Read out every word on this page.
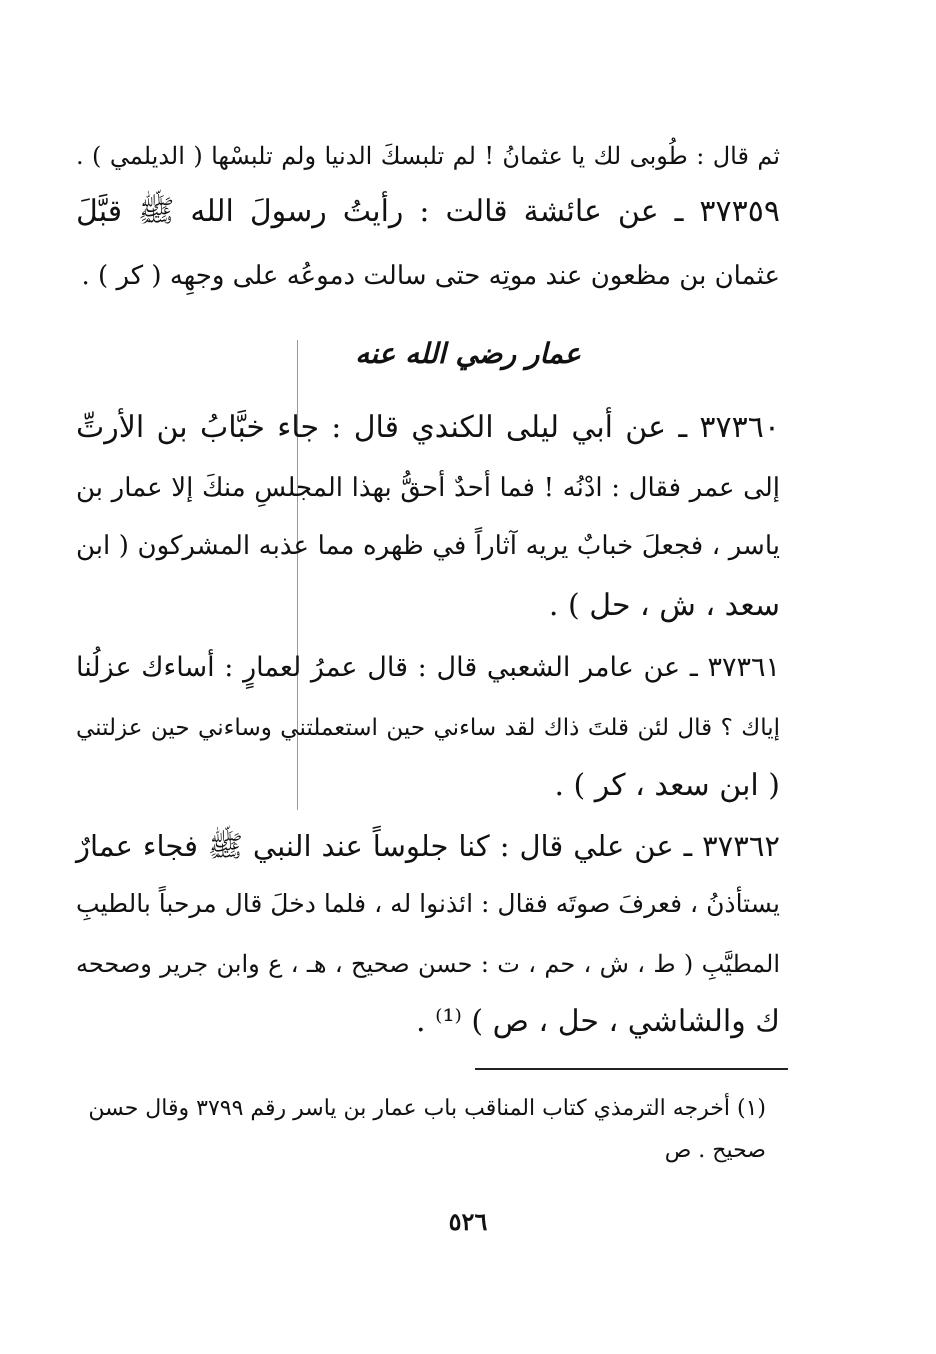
ثم قال : طُوبى لك يا عثمانُ ! لم تلبسكَ الدنيا ولم تلبسْها ( الديلمي ) .
٣٧٣٥٩ ـ عن عائشة قالت : رأيتُ رسولَ الله ﷺ قبَّلَ
عثمان بن مظعون عند موتِه حتى سالت دموعُه على وجهِه ( كر ) .
عمار رضي الله عنه
٣٧٣٦٠ ـ عن أبي ليلى الكندي قال : جاء خبَّابُ بن الأرتِّ
إلى عمر فقال : ادْنُه ! فما أحدٌ أحقُّ بهذا المجلسِ منكَ إلا عمار بن
ياسر ، فجعلَ خبابٌ يريه آثاراً في ظهره مما عذبه المشركون ( ابن
سعد ، ش ، حل ) .
٣٧٣٦١ ـ عن عامر الشعبي قال : قال عمرُ لعمارٍ : أساءك عزلُنا
إياك ؟ قال لئن قلتَ ذاك لقد ساءني حين استعملتني وساءني حين عزلتني
( ابن سعد ، كر ) .
٣٧٣٦٢ ـ عن علي قال : كنا جلوساً عند النبي ﷺ فجاء عمارٌ
يستأذنُ ، فعرفَ صوتَه فقال : ائذنوا له ، فلما دخلَ قال مرحباً بالطيبِ
المطيَّبِ ( ط ، ش ، حم ، ت : حسن صحيح ، هـ ، ع وابن جرير وصححه
ك والشاشي ، حل ، ص ) ⁽¹⁾ .
(١) أخرجه الترمذي كتاب المناقب باب عمار بن ياسر رقم ٣٧٩٩ وقال حسن
صحيح . ص
٥٢٦
